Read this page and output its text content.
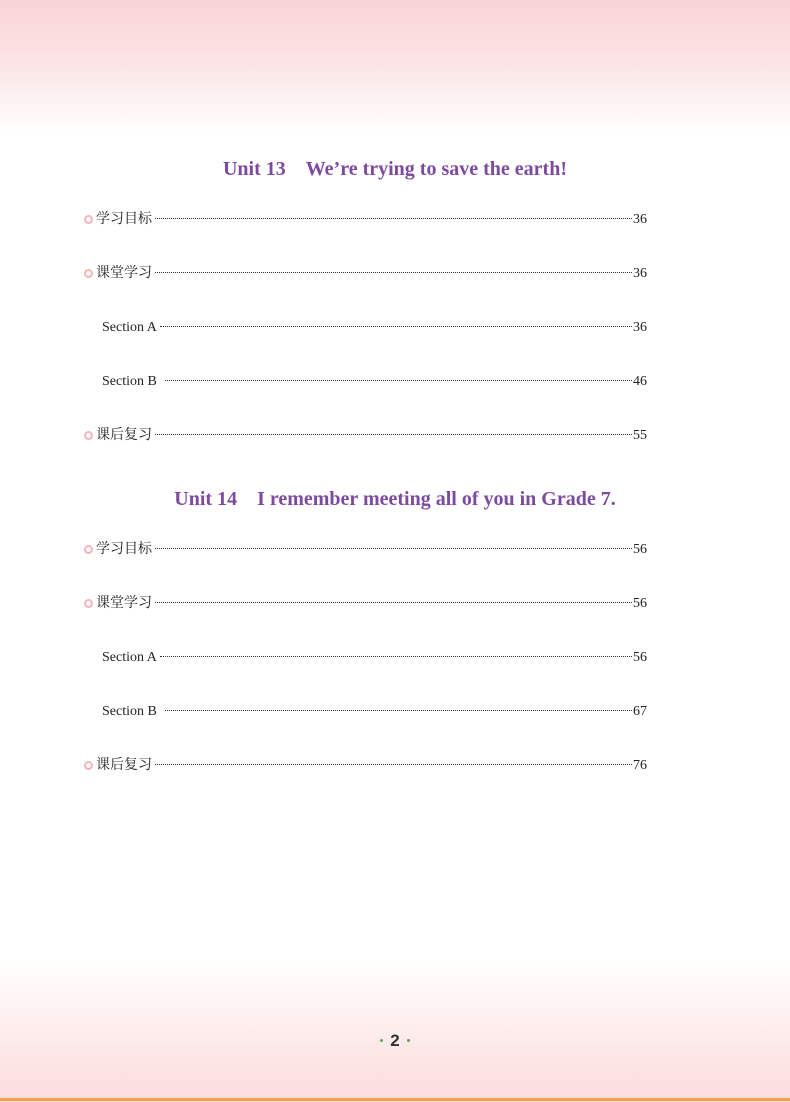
Unit 13　We’re trying to save the earth!
学习目标	36
课堂学习	36
Section A	36
Section B	46
课后复习	55
Unit 14　I remember meeting all of you in Grade 7.
学习目标	56
课堂学习	56
Section A	56
Section B	67
课后复习	76
2
